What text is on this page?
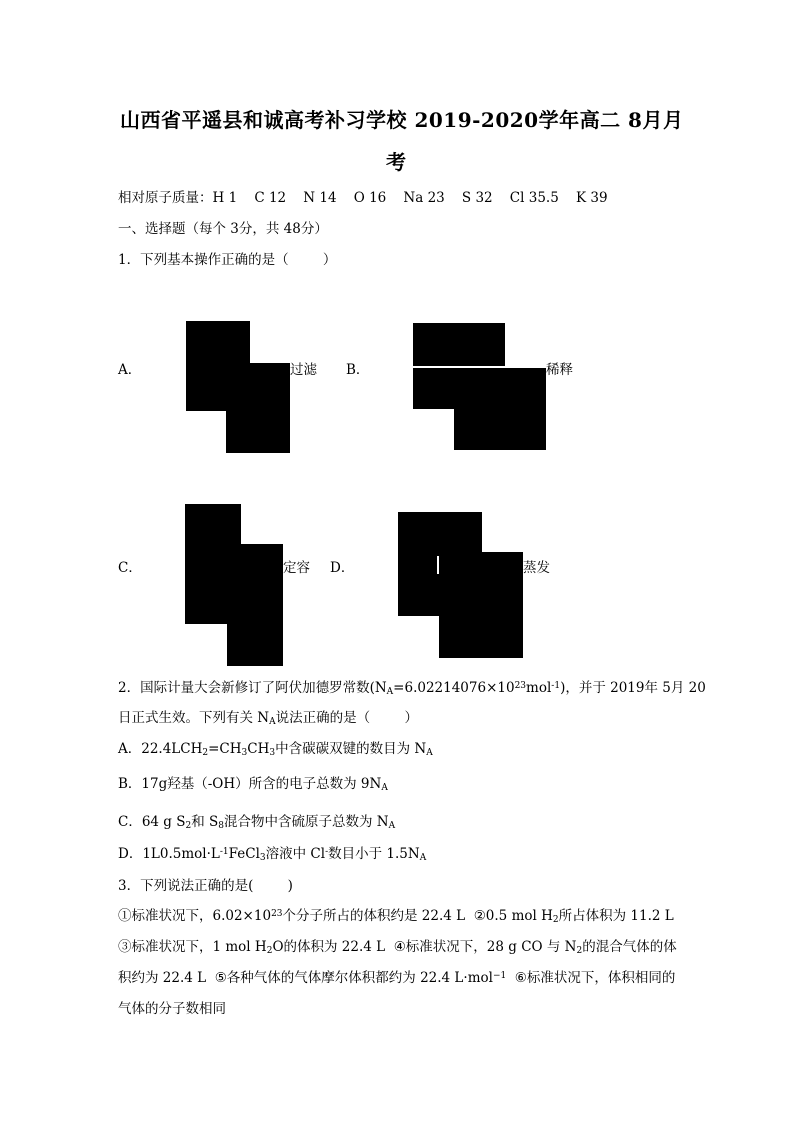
山西省平遥县和诚高考补习学校 2019-2020学年高二 8月月
考
相对原子质量：H 1    C 12    N 14    O 16    Na 23    S 32    Cl 35.5    K 39
一、选择题（每个 3分，共 48分）
1．下列基本操作正确的是（        ）
A．	过滤 B．	稀释
C．	定容 D．	蒸发
2．国际计量大会新修订了阿伏加德罗常数$(N_A=6.02214076\times 10^{23}mol^{-1})$，并于 2019年 5月 20
日正式生效。下列有关 $N_A$说法正确的是（        ）
A．$22.4LCH_2=CH_3CH_3$中含碳碳双键的数目为 $N_A$
B．17g羟基（-OH）所含的电子总数为 $9N_A$
C．64 g $S_2$和 $S_8$混合物中含硫原子总数为 $N_A$
D．$1L0.5mol\cdot L^{-1}FeCl_3$溶液中 Cl-数目小于 $1.5N_A$
3．下列说法正确的是(        )
①标准状况下，$6.02\times 10^{23}$个分子所占的体积约是 22.4 L  ②0.5 mol $H_2$所占体积为 11.2 L
③标准状况下，1 mol $H_2O$的体积为 22.4 L  ④标准状况下，28 g CO 与 $N_2$的混合气体的体
积约为 22.4 L  ⑤各种气体的气体摩尔体积都约为 22.4 L·mol$^{-1}$  ⑥标准状况下，体积相同的
气体的分子数相同
